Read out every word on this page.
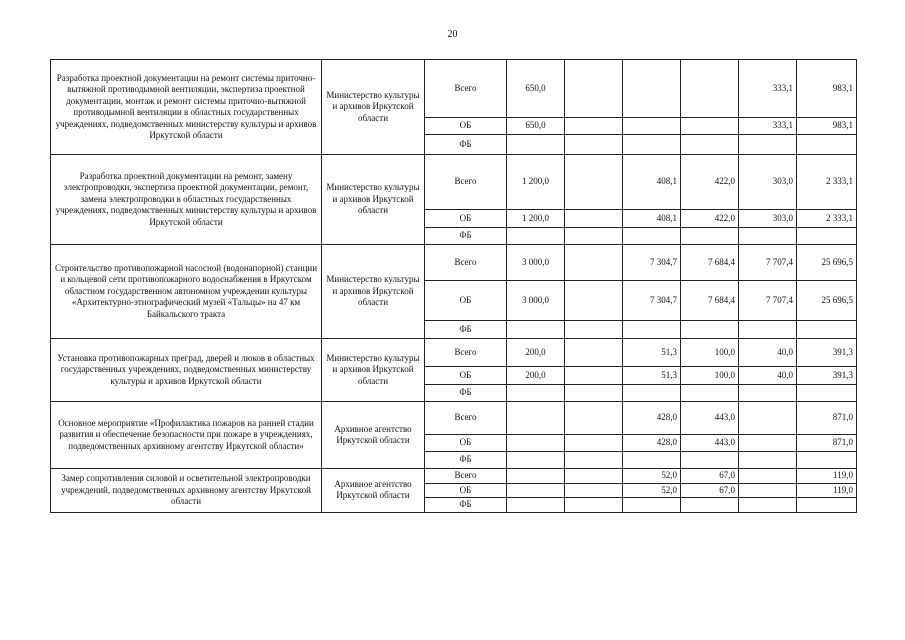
20
Разработка проектной документации на ремонт системы приточно-вытяжной противодымной вентиляции, экспертиза проектной документации, монтаж и ремонт системы приточно-вытяжной противодымной вентиляции в областных государственных учреждениях, подведомственных министерству культуры и архивов Иркутской области	Министерство культуры и архивов Иркутской области	Всего	650,0				333,1	983,1
		ОБ	650,0				333,1	983,1
		ФБ						
Разработка проектной документации на ремонт, замену электропроводки, экспертиза проектной документации, ремонт, замена электропроводки в областных государственных учреждениях, подведомственных министерству культуры и архивов Иркутской области	Министерство культуры и архивов Иркутской области	Всего	1 200,0		408,1	422,0	303,0	2 333,1
		ОБ	1 200,0		408,1	422,0	303,0	2 333,1
		ФБ						
Строительство противопожарной насосной (водонапорной) станции и кольцевой сети противопожарного водоснабжения в Иркутском областном государственном автономном учреждении культуры «Архитектурно-этнографический музей «Тальцы» на 47 км Байкальского тракта	Министерство культуры и архивов Иркутской области	Всего	3 000,0		7 304,7	7 684,4	7 707,4	25 696,5
		ОБ	3 000,0		7 304,7	7 684,4	7 707,4	25 696,5
		ФБ						
Установка противопожарных преград, дверей и люков в областных государственных учреждениях, подведомственных министерству культуры и архивов Иркутской области	Министерство культуры и архивов Иркутской области	Всего	200,0		51,3	100,0	40,0	391,3
		ОБ	200,0		51,3	100,0	40,0	391,3
		ФБ						
Основное мероприятие «Профилактика пожаров на ранней стадии развития и обеспечение безопасности при пожаре в учреждениях, подведомственных архивному агентству Иркутской области»	Архивное агентство Иркутской области	Всего			428,0	443,0		871,0
		ОБ			428,0	443,0		871,0
		ФБ						
Замер сопротивления силовой и осветительной электропроводки учреждений, подведомственных архивному агентству Иркутской области	Архивное агентство Иркутской области	Всего			52,0	67,0		119,0
		ОБ			52,0	67,0		119,0
		ФБ						
